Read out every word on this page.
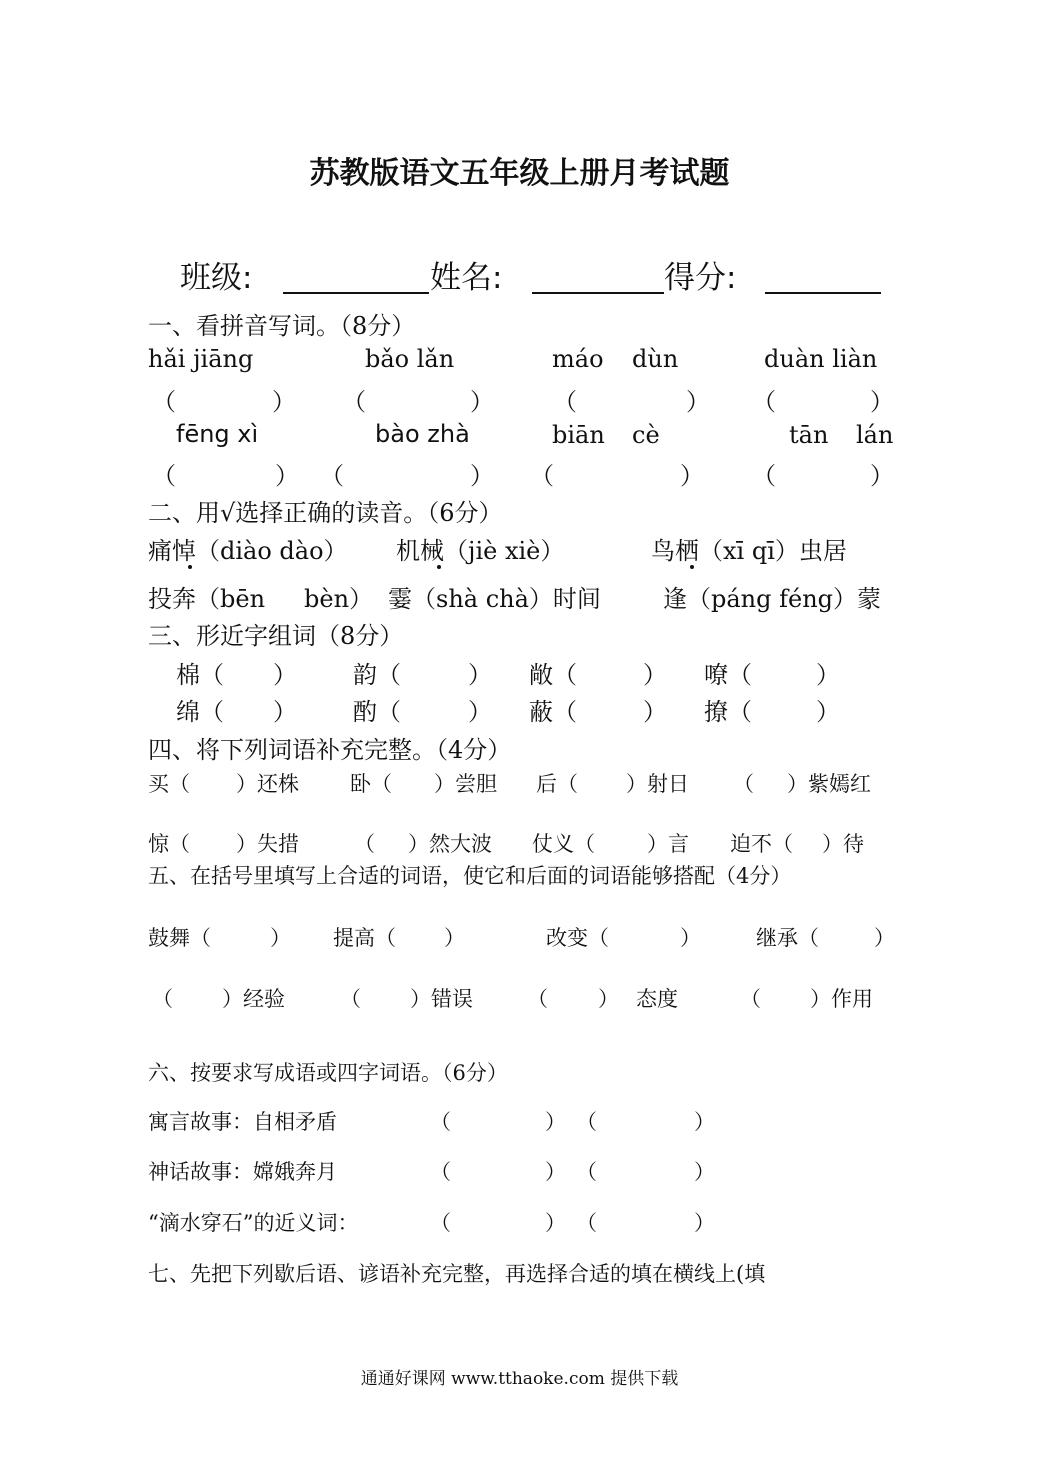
苏教版语文五年级上册月考试题
班级:	姓名:	得分:
一、看拼音写词。（8分）
hǎi jiāng	bǎo lǎn	máo dùn	duàn liàn
（	） （	） （	） （	）
fēng xì	bào zhà	biān cè	tān lán
（	） （	） （	） （	）
二、用√选择正确的读音。（6分）
痛悼（diào dào） 机械（jiè xiè）	鸟栖（xī qī）虫居
投奔（bēn bèn） 霎（shà chà）时间	逢（páng féng）蒙
三、形近字组词（8分）
棉（ ） 韵（	） 敞（	） 嘹（	）
绵（ ） 酌（	） 蔽（	） 撩（	）
四、将下列词语补充完整。（4分）
买（ ）还株 卧（ ）尝胆 后（ ）射日 （ ）紫嫣红
惊（ ）失措	（ ）然大波 仗义（ ）言 迫不（ ）待
五、在括号里填写上合适的词语，使它和后面的词语能够搭配（4分）
鼓舞（	） 提高（ ）	改变（	）	继承（	）
（ ）经验	（ ）错误	（ ） 态度	（ ）作用
六、按要求写成语或四字词语。（6分）
寓言故事：自相矛盾	（	） （	）
神话故事：嫦娥奔月	（	） （	）
“滴水穿石”的近义词：	（	） （	）
七、先把下列歇后语、谚语补充完整，再选择合适的填在横线上(填
通通好课网 www.tthaoke.com 提供下载
